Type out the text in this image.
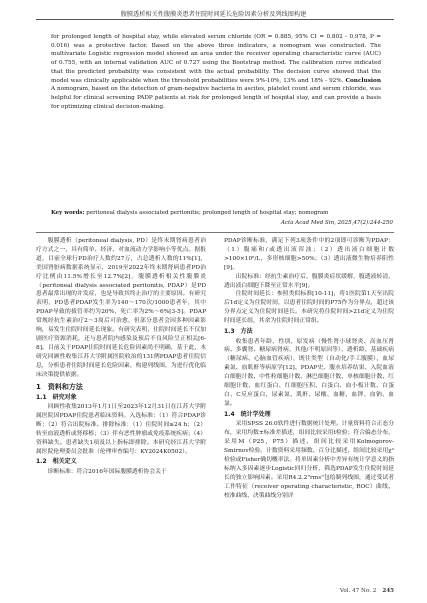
腹膜透析相关性腹膜炎患者住院时间延长危险因素分析及列线图构建

for prolonged length of hospital stay, while elevated serum chloride (OR = 0.885, 95% CI = 0.802 - 0.978, P = 0.016) was a protective factor. Based on the above three indicators, a nomogram was constructed. The multivariate Logistic regression model showed an area under the receiver operating characteristic curve (AUC) of 0.755, with an internal validation AUC of 0.727 using the Bootstrap method. The calibration curve indicated that the predicted probability was consistent with the actual probability. The decision curve showed that the model was clinically applicable when the threshold probabilities were 9%-10%, 13% and 18% - 92%. Conclusion A nomogram, based on the detection of gram-negative bacteria in ascites, platelet count and serum chloride, was helpful for clinical screening PADP patients at risk for prolonged length of hospital stay, and can provide a basis for optimizing clinical decision-making.

Key words: peritoneal dialysis associated peritonitis; prolonged length of hospital stay; nomogram

Acta Acad Med Sin, 2025,47(2):244-250

腹膜透析（peritoneal dialysis, PD）是终末期肾病患者治疗方式之一，具有简单、经济、对血流动力学影响小等优点。据报道，目前全球行PD治疗人数约27万，占总透析人数的11%[1]，美国肾脏病数据系统显示，2019至2022年终末期肾病患者PD治疗比例由11.5%增长至12.7%[2]。腹膜透析相关性腹膜炎（peritoneal dialysis associated peritonitis, PDAP）是PD患者最常出现的并发症，也是导致其终止治疗的主要原因。有研究表明，PD患者PDAP发生率为140～170次/1000患者年，其中PDAP导致的拔管率约为20%，死亡率为2%～6%[3-5]。PDAP常规经抗生素治疗2～3周后可治愈，但部分患者会因多种因素影响，易发生住院时间延长现象。有研究表明，住院时间延长不仅加剧医疗资源消耗，还与患者院内感染及预后不良风险呈正相关[6-8]。目前关于PDAP住院时间延长危险因素尚不明确，基于此，本研究回顾性收集江苏大学附属医院收治的131例PDAP患者住院信息，分析患者住院时间延长危险因素，构建列线图，为进行优化临床决策提供依据。

1　资料和方法
1.1　研究对象

回顾性收集2013年1月1日至2023年12月31日在江苏大学附属医院因PDAP住院患者临床资料。入选标准：（1）符合PDAP诊断；（2）符合出院标准。排除标准：（1）住院时间≤24 h；（2）转至血液透析或肾移植；（3）伴有恶性肿瘤或免疫系统疾病；（4）资料缺失。患者缺失1项及以上指标即排除。本研究经江苏大学附属医院伦理委员会批准（伦理审查编号：KY2024K0502）。

1.2　相关定义

诊断标准：符合2016年国际腹膜透析协会关于

PDAP诊断标准，满足下列3项条件中的2项即可诊断为PDAP：（1）腹痛和/或透出液浑浊；（2）透出液白细胞计数>100×10⁶/L，多形核细胞>50%；（3）透出液微生物培养阳性[9]。

出院标准：经抗生素治疗后，腹膜炎症状缓解，腹透液转清，透出液白细胞下降至正常水平[9]。

住院时间延长：参照类似标准[10-11]，将1医院第1天至出院后1d定义为住院时间，以患者住院时间的P75作为分界点，超过该分界点定义为住院时间延长。本研究将住院时间>21d定义为住院时间延长组，其余为住院时间正常组。

1.3　方法

收集患者年龄、性别、原发病（慢性肾小球肾炎、高血压肾病、多囊肾、糖尿病肾病、其他/不明原因等）、透析龄、基础疾病（糖尿病、心脑血管疾病），既往类型（自动化/手工腹膜），血尿素氮、血肌酐等病原学[12]、PDAP史、腹水培养结果、入院血液白细胞计数、中性粒细胞计数、淋巴细胞计数、单核细胞计数、红细胞计数、血红蛋白、红细胞压积、白蛋白、血小板计数、白蛋白、C反应蛋白、尿素氮、肌酐、尿酸、血糖、血钾、血钠、血氯。

1.4　统计学处理

采用SPSS 26.0软件进行数据统计处理。计量资料符合正态分布，采用均数±标准差描述，组间比较采用t检验；符合偏态分布，采用M（P25，P75）描述，组间比较采用Kolmogorov-Smirnov检验。计数资料采用频数、百分比描述，组间比较采用χ²检验或Fisher确切概率法。将单因素分析中差异有统计学意义的指标纳入多因素逐步Logistic回归分析，筛选PDAP发生住院时间延长的独立影响因素。采用R4.2.2"rms"包绘制列线图，通过受试者工作特征（receiver operating characteristic, ROC）曲线、校准曲线、决策曲线分别评

Vol. 47 No. 2 245
